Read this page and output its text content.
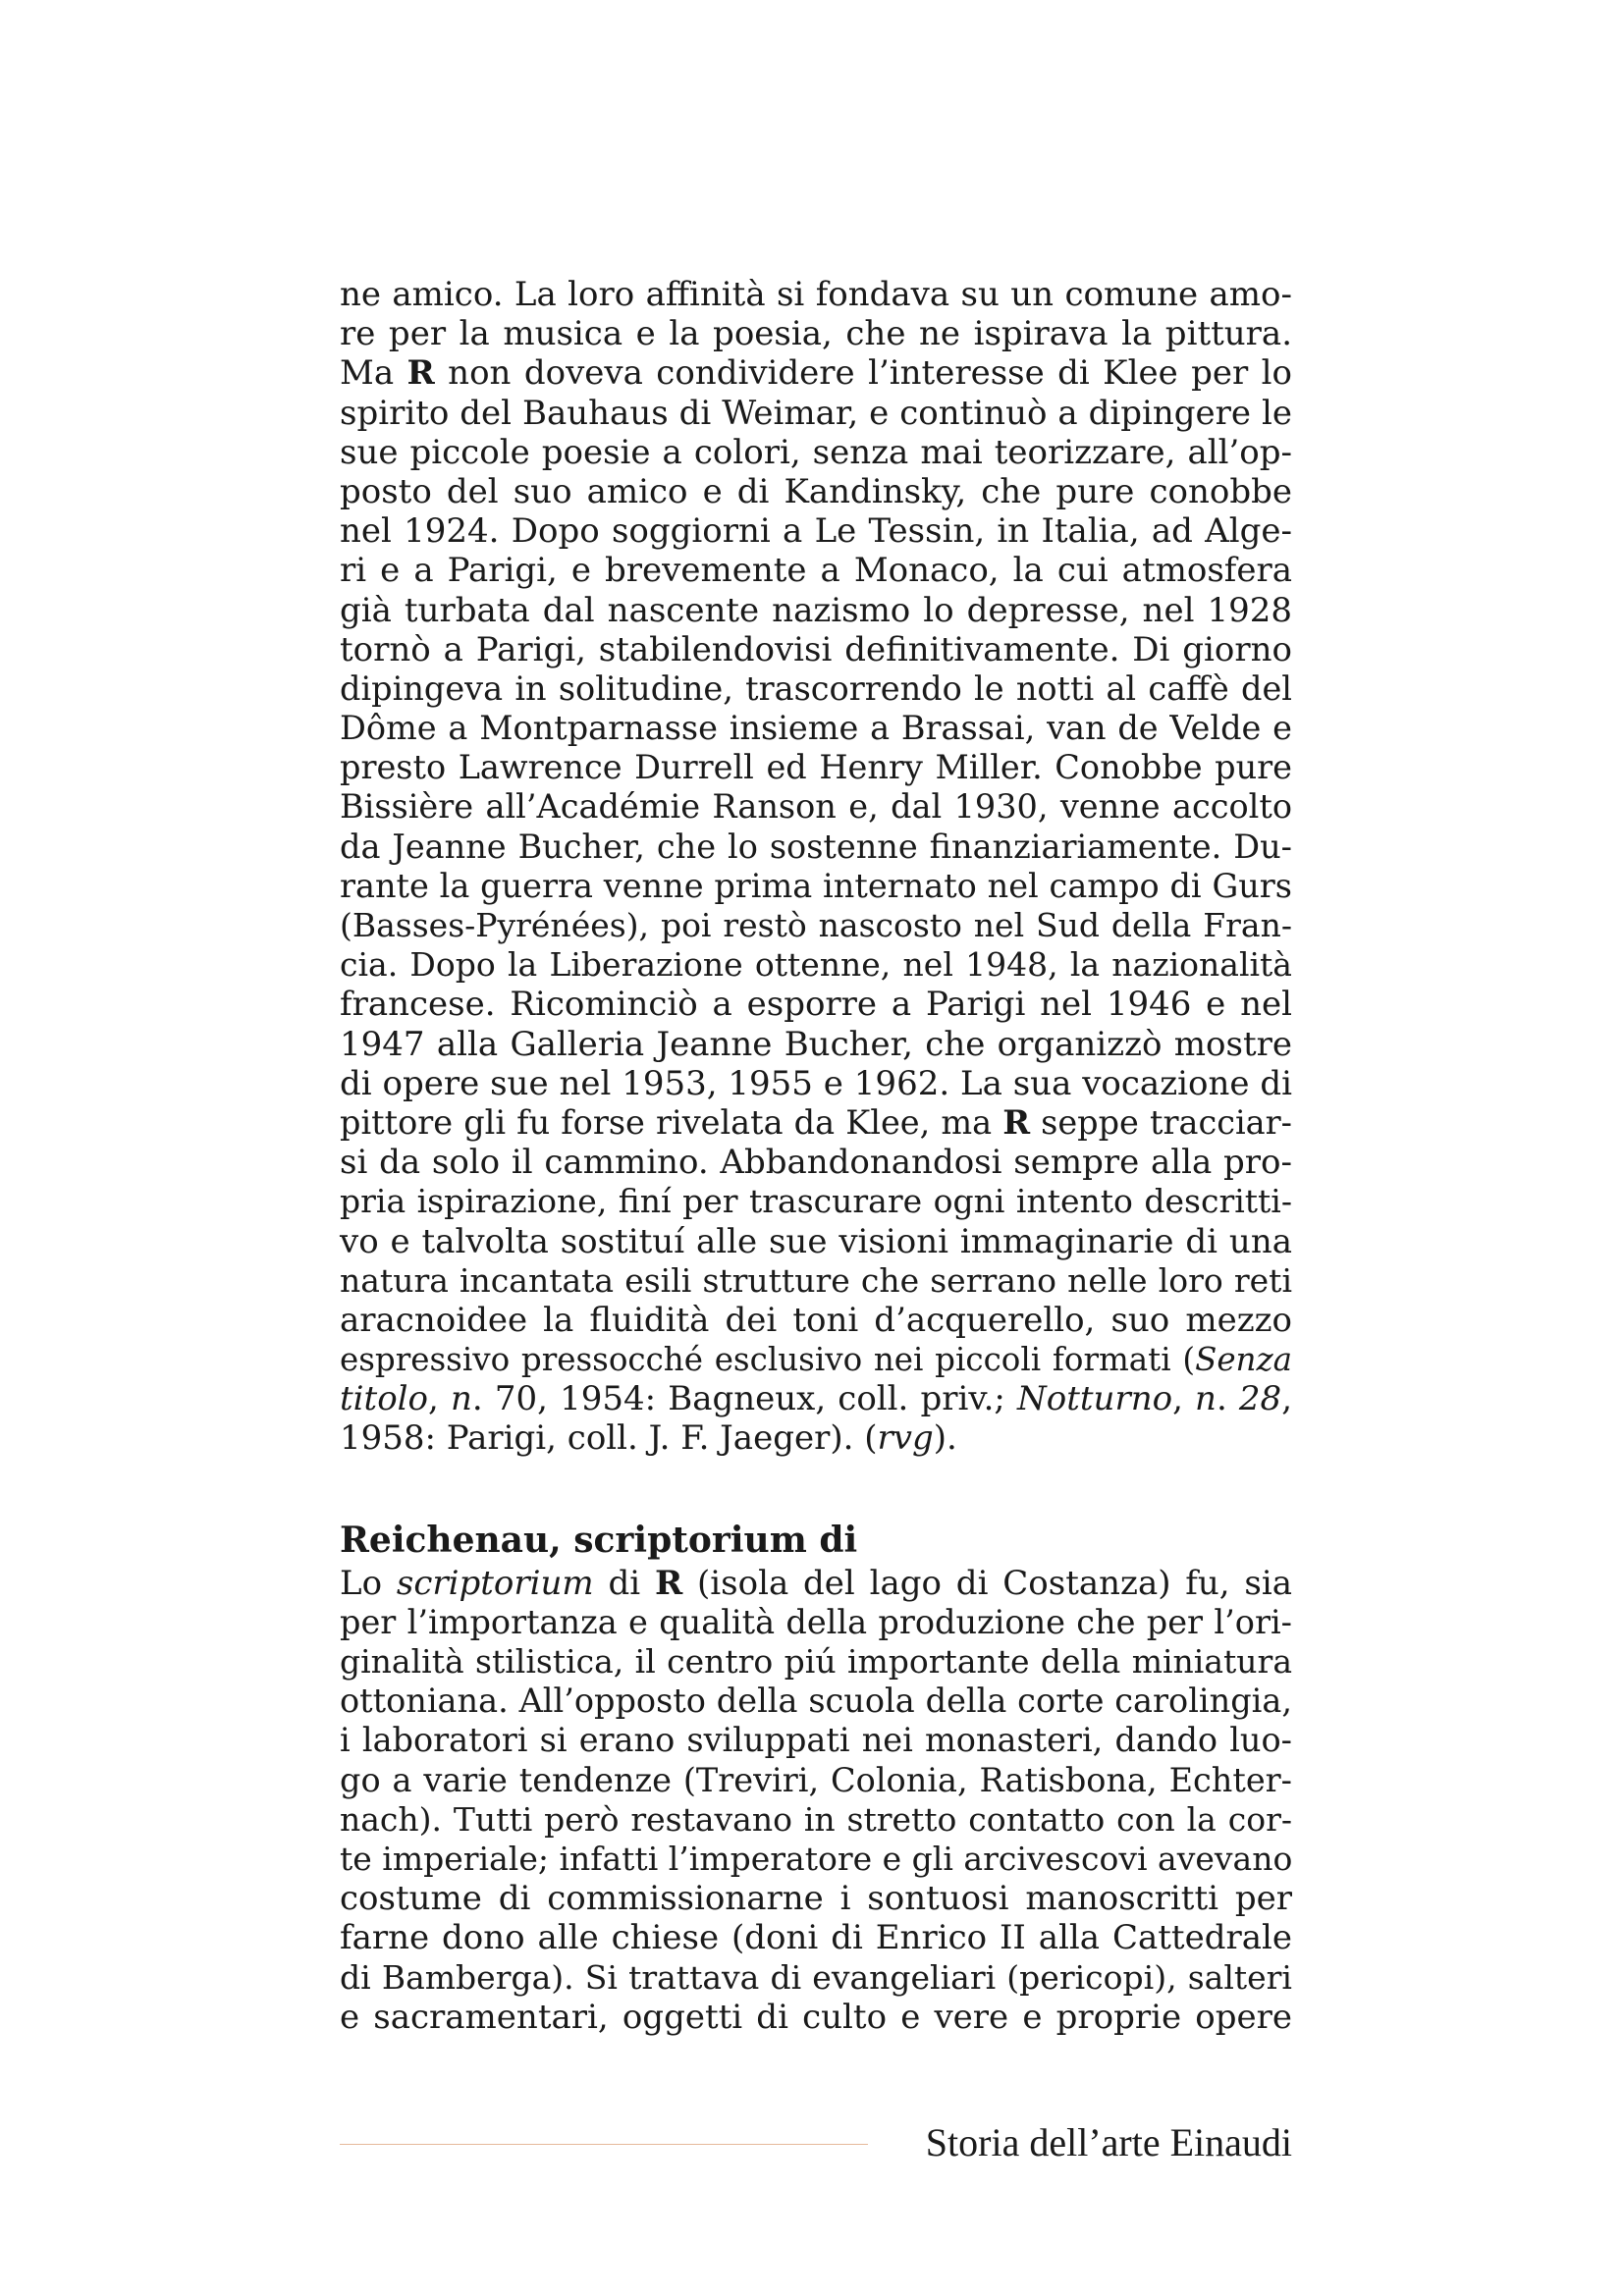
ne amico. La loro affinità si fondava su un comune amo-
re per la musica e la poesia, che ne ispirava la pittura.
Ma R non doveva condividere l’interesse di Klee per lo
spirito del Bauhaus di Weimar, e continuò a dipingere le
sue piccole poesie a colori, senza mai teorizzare, all’op-
posto del suo amico e di Kandinsky, che pure conobbe
nel 1924. Dopo soggiorni a Le Tessin, in Italia, ad Alge-
ri e a Parigi, e brevemente a Monaco, la cui atmosfera
già turbata dal nascente nazismo lo depresse, nel 1928
tornò a Parigi, stabilendovisi definitivamente. Di giorno
dipingeva in solitudine, trascorrendo le notti al caffè del
Dôme a Montparnasse insieme a Brassai, van de Velde e
presto Lawrence Durrell ed Henry Miller. Conobbe pure
Bissière all’Académie Ranson e, dal 1930, venne accolto
da Jeanne Bucher, che lo sostenne finanziariamente. Du-
rante la guerra venne prima internato nel campo di Gurs
(Basses-Pyrénées), poi restò nascosto nel Sud della Fran-
cia. Dopo la Liberazione ottenne, nel 1948, la nazionalità
francese. Ricominciò a esporre a Parigi nel 1946 e nel
1947 alla Galleria Jeanne Bucher, che organizzò mostre
di opere sue nel 1953, 1955 e 1962. La sua vocazione di
pittore gli fu forse rivelata da Klee, ma R seppe tracciar-
si da solo il cammino. Abbandonandosi sempre alla pro-
pria ispirazione, finí per trascurare ogni intento descritti-
vo e talvolta sostituí alle sue visioni immaginarie di una
natura incantata esili strutture che serrano nelle loro reti
aracnoidee la fluidità dei toni d’acquerello, suo mezzo
espressivo pressocché esclusivo nei piccoli formati (Senza
titolo, n. 70, 1954: Bagneux, coll. priv.; Notturno, n. 28,
1958: Parigi, coll. J. F. Jaeger). (rvg).
Reichenau, scriptorium di
Lo scriptorium di R (isola del lago di Costanza) fu, sia
per l’importanza e qualità della produzione che per l’ori-
ginalità stilistica, il centro piú importante della miniatura
ottoniana. All’opposto della scuola della corte carolingia,
i laboratori si erano sviluppati nei monasteri, dando luo-
go a varie tendenze (Treviri, Colonia, Ratisbona, Echter-
nach). Tutti però restavano in stretto contatto con la cor-
te imperiale; infatti l’imperatore e gli arcivescovi avevano
costume di commissionarne i sontuosi manoscritti per
farne dono alle chiese (doni di Enrico II alla Cattedrale
di Bamberga). Si trattava di evangeliari (pericopi), salteri
e sacramentari, oggetti di culto e vere e proprie opere
Storia dell’arte Einaudi
